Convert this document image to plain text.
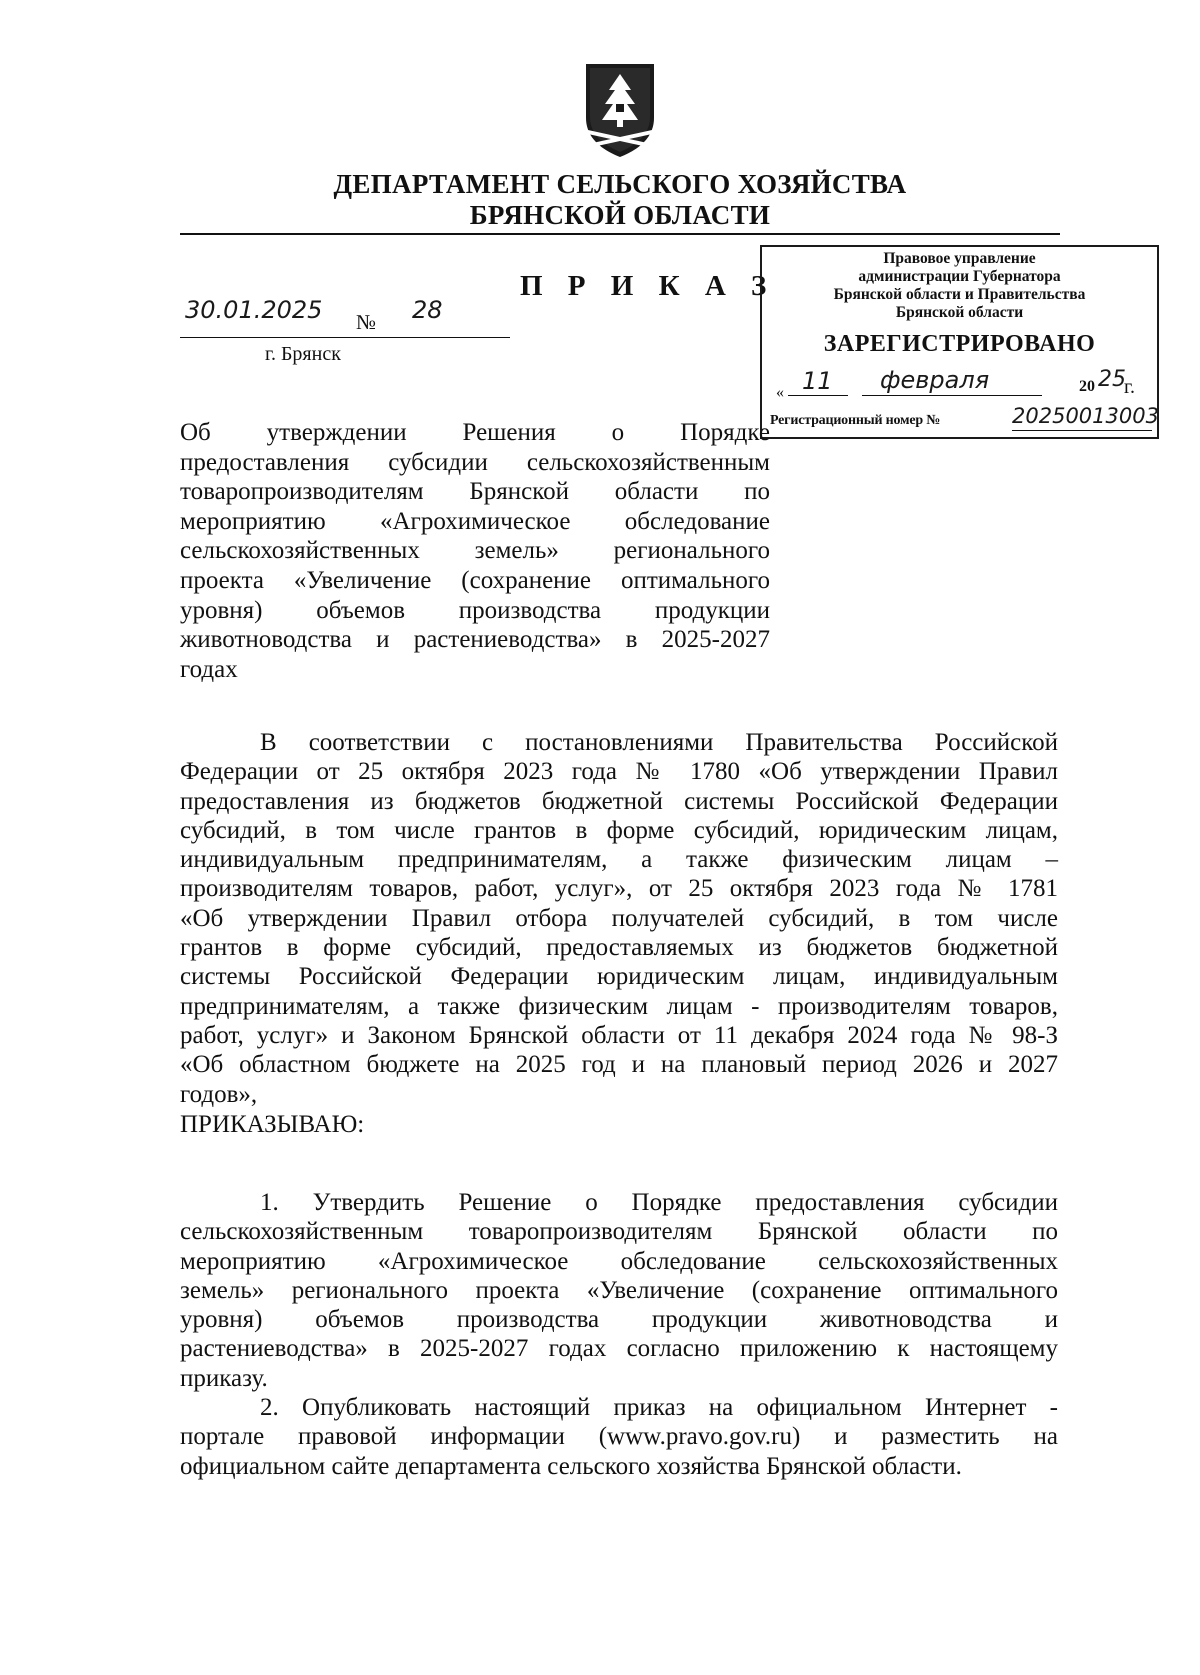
ДЕПАРТАМЕНТ СЕЛЬСКОГО ХОЗЯЙСТВА
БРЯНСКОЙ ОБЛАСТИ
П Р И К А З
30.01.2025 № 28
г. Брянск
Правовое управление
администрации Губернатора
Брянской области и Правительства
Брянской области
ЗАРЕГИСТРИРОВАНО
« 11 февраля	20 25
г.
Регистрационный номер №	20250013003
Об утверждении Решения о Порядке
предоставления субсидии сельскохозяйственным
товаропроизводителям Брянской области по
мероприятию «Агрохимическое обследование
сельскохозяйственных земель» регионального
проекта «Увеличение (сохранение оптимального
уровня) объемов производства продукции
животноводства и растениеводства» в 2025-2027
годах
В соответствии с постановлениями Правительства Российской
Федерации от 25 октября 2023 года № 1780 «Об утверждении Правил
предоставления из бюджетов бюджетной системы Российской Федерации
субсидий, в том числе грантов в форме субсидий, юридическим лицам,
индивидуальным предпринимателям, а также физическим лицам –
производителям товаров, работ, услуг», от 25 октября 2023 года № 1781
«Об утверждении Правил отбора получателей субсидий, в том числе
грантов в форме субсидий, предоставляемых из бюджетов бюджетной
системы Российской Федерации юридическим лицам, индивидуальным
предпринимателям, а также физическим лицам - производителям товаров,
работ, услуг» и Законом Брянской области от 11 декабря 2024 года № 98-З
«Об областном бюджете на 2025 год и на плановый период 2026 и 2027
годов»,
ПРИКАЗЫВАЮ:
1. Утвердить Решение о Порядке предоставления субсидии
сельскохозяйственным товаропроизводителям Брянской области по
мероприятию «Агрохимическое обследование сельскохозяйственных
земель» регионального проекта «Увеличение (сохранение оптимального
уровня) объемов производства продукции животноводства и
растениеводства» в 2025-2027 годах согласно приложению к настоящему
приказу.
2. Опубликовать настоящий приказ на официальном Интернет -
портале правовой информации (www.pravo.gov.ru) и разместить на
официальном сайте департамента сельского хозяйства Брянской области.
